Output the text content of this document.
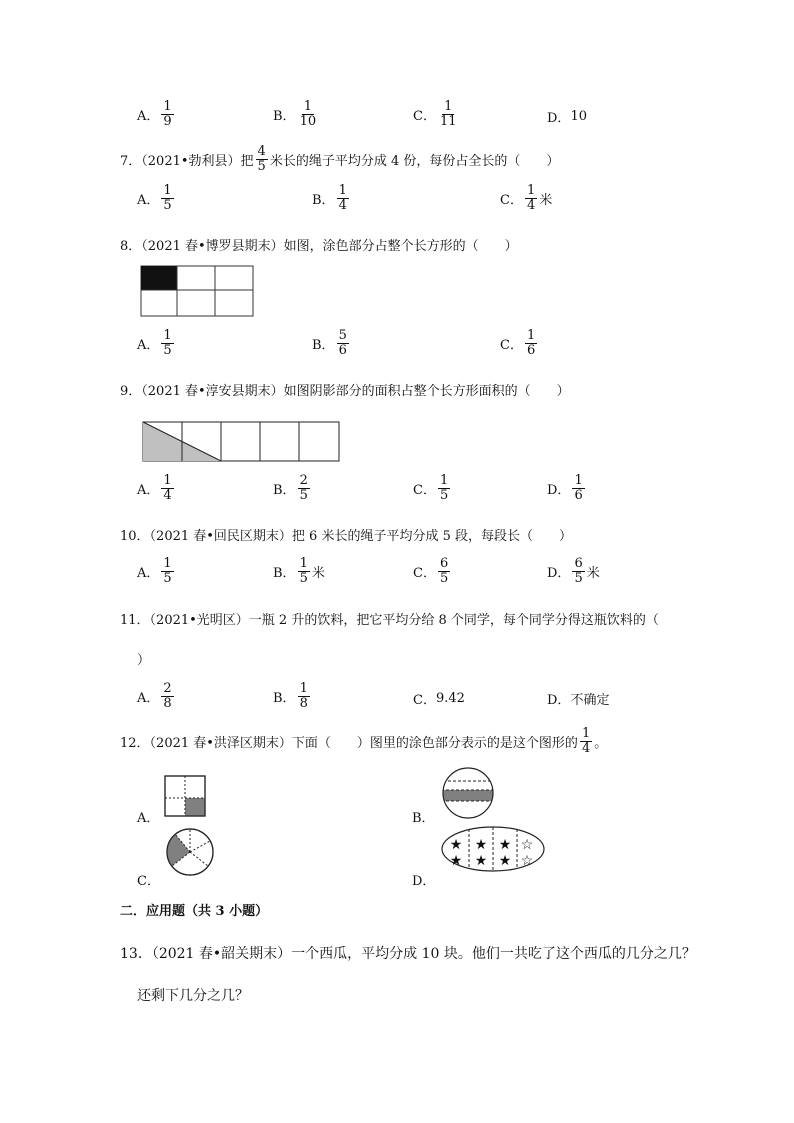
A． $\frac{1}{9}$	B． $\frac{1}{10}$	C． $\frac{1}{11}$	D． 10
7．（2021•勃利县）把 $\frac{4}{5}$ 米长的绳子平均分成 4 份，每份占全长的（　　）
A． $\frac{1}{5}$	B． $\frac{1}{4}$	C． $\frac{1}{4}$ 米
8．（2021 春•博罗县期末）如图，涂色部分占整个长方形的（　　）
A． $\frac{1}{5}$	B． $\frac{5}{6}$	C． $\frac{1}{6}$
9．（2021 春•淳安县期末）如图阴影部分的面积占整个长方形面积的（　　）
A． $\frac{1}{4}$	B． $\frac{2}{5}$	C． $\frac{1}{5}$	D． $\frac{1}{6}$
10．（2021 春•回民区期末）把 6 米长的绳子平均分成 5 段，每段长（　　）
A． $\frac{1}{5}$	B． $\frac{1}{5}$ 米	C． $\frac{6}{5}$	D． $\frac{6}{5}$ 米
11．（2021•光明区）一瓶 2 升的饮料，把它平均分给 8 个同学，每个同学分得这瓶饮料的（
）
A． $\frac{2}{8}$	B． $\frac{1}{8}$	C． 9.42	D． 不确定
12．（2021 春•洪泽区期末）下面（　　）图里的涂色部分表示的是这个图形的 $\frac{1}{4}$ 。
A．	B．
C．	D．
★ ★ ★ ☆
★ ★ ★ ☆
二．应用题（共 3 小题）
13．（2021 春•韶关期末）一个西瓜，平均分成 10 块。他们一共吃了这个西瓜的几分之几？
还剩下几分之几？
